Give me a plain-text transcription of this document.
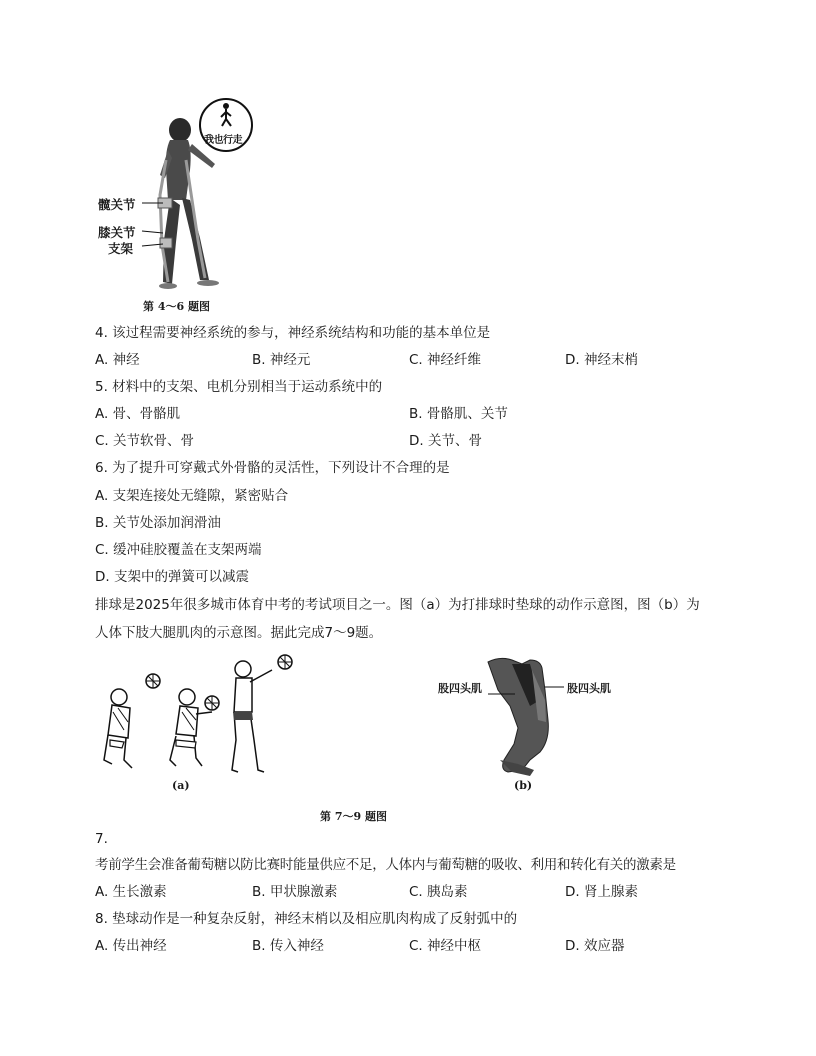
我也行走
髋关节
膝关节
支架
第 4～6 题图
4. 该过程需要神经系统的参与，神经系统结构和功能的基本单位是
A. 神经	B. 神经元	C. 神经纤维	D. 神经末梢
5. 材料中的支架、电机分别相当于运动系统中的
A. 骨、骨骼肌	B. 骨骼肌、关节
C. 关节软骨、骨	D. 关节、骨
6. 为了提升可穿戴式外骨骼的灵活性，下列设计不合理的是
A. 支架连接处无缝隙，紧密贴合
B. 关节处添加润滑油
C. 缓冲硅胶覆盖在支架两端
D. 支架中的弹簧可以减震
排球是2025年很多城市体育中考的考试项目之一。图（a）为打排球时垫球的动作示意图，图（b）为
人体下肢大腿肌肉的示意图。据此完成7～9题。
(a)
股四头肌	股四头肌
(b)
第 7～9 题图
7.
考前学生会准备葡萄糖以防比赛时能量供应不足，人体内与葡萄糖的吸收、利用和转化有关的激素是
A. 生长激素	B. 甲状腺激素	C. 胰岛素	D. 肾上腺素
8. 垫球动作是一种复杂反射，神经末梢以及相应肌肉构成了反射弧中的
A. 传出神经	B. 传入神经	C. 神经中枢	D. 效应器
